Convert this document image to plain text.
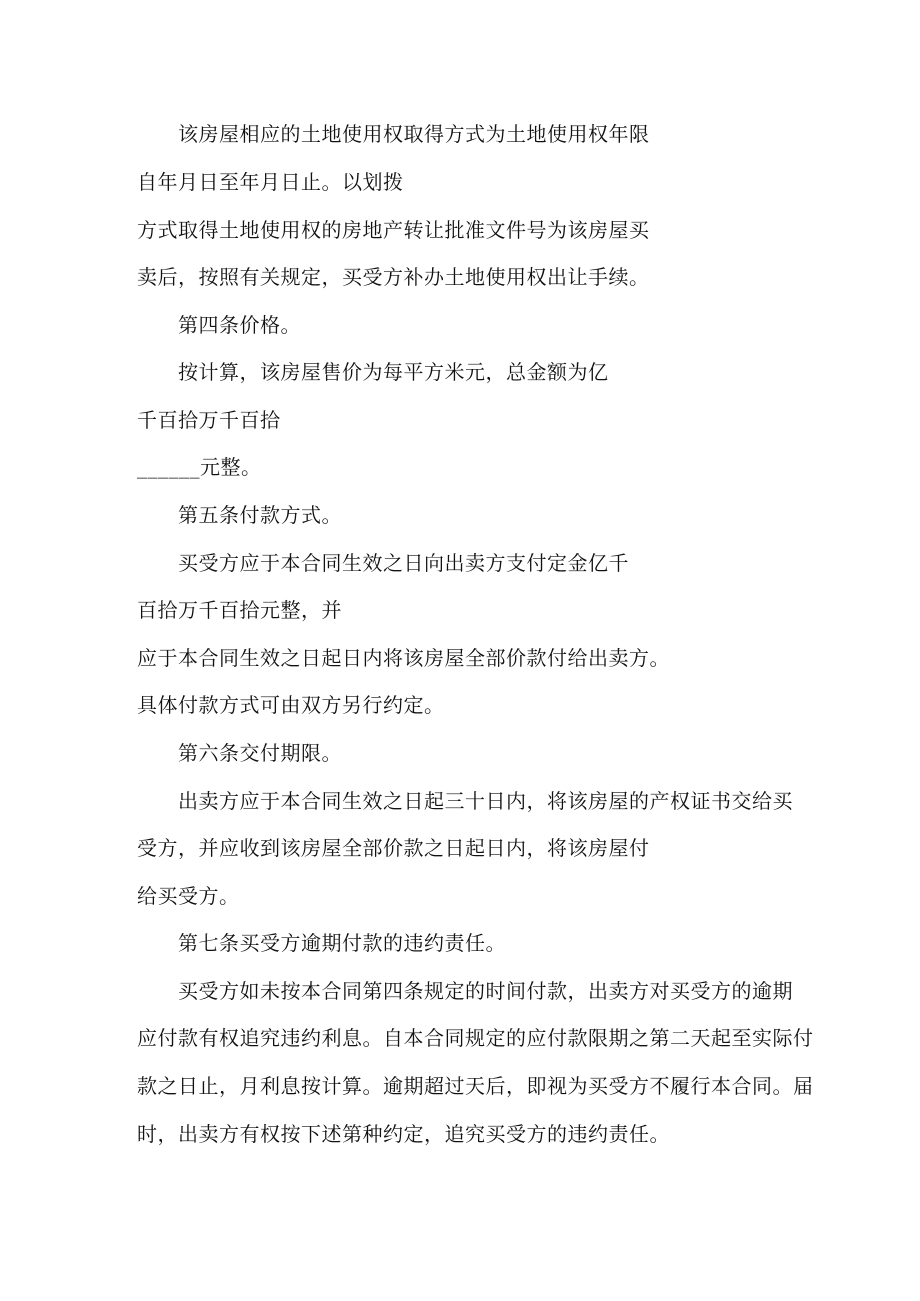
该房屋相应的土地使用权取得方式为土地使用权年限
自年月日至年月日止。以划拨
方式取得土地使用权的房地产转让批准文件号为该房屋买
卖后，按照有关规定，买受方补办土地使用权出让手续。
第四条价格。
按计算，该房屋售价为每平方米元，总金额为亿
千百拾万千百拾
______元整。
第五条付款方式。
买受方应于本合同生效之日向出卖方支付定金亿千
百拾万千百拾元整，并
应于本合同生效之日起日内将该房屋全部价款付给出卖方。
具体付款方式可由双方另行约定。
第六条交付期限。
出卖方应于本合同生效之日起三十日内，将该房屋的产权证书交给买
受方，并应收到该房屋全部价款之日起日内，将该房屋付
给买受方。
第七条买受方逾期付款的违约责任。
买受方如未按本合同第四条规定的时间付款，出卖方对买受方的逾期
应付款有权追究违约利息。自本合同规定的应付款限期之第二天起至实际付
款之日止，月利息按计算。逾期超过天后，即视为买受方不履行本合同。届
时，出卖方有权按下述第种约定，追究买受方的违约责任。
